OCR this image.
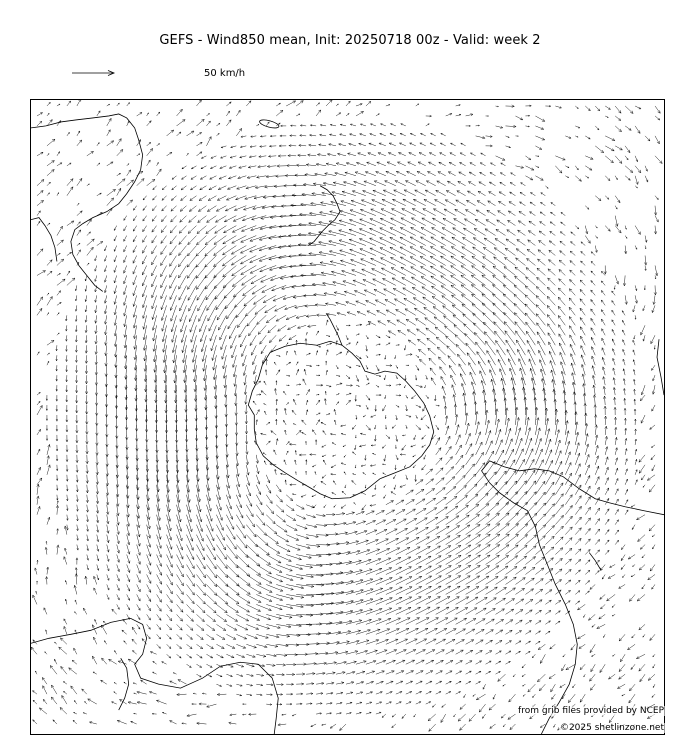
GEFS - Wind850 mean, Init: 20250718 00z - Valid: week 2
50 km/h
from grib files provided by NCEP
©2025 shetlinzone.net
